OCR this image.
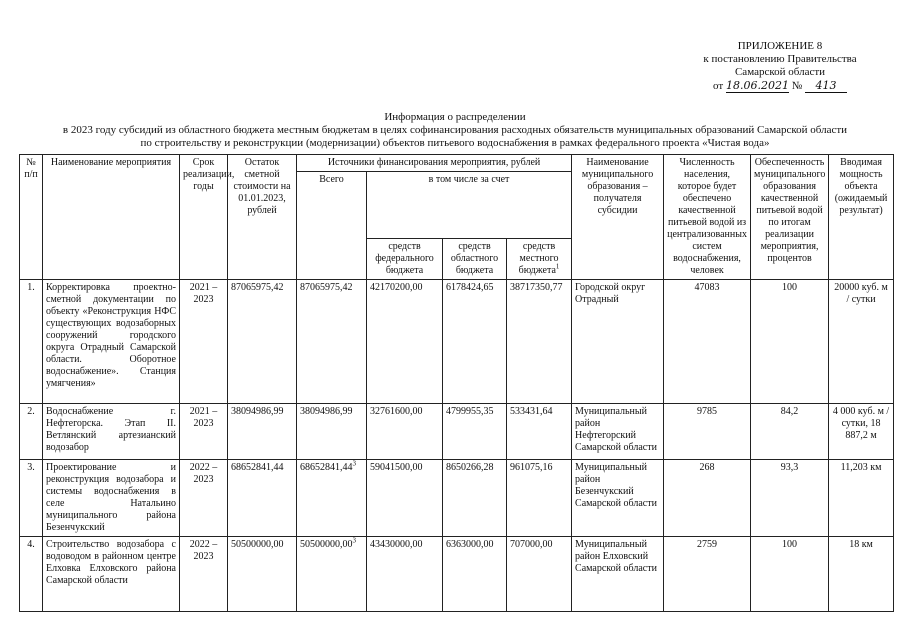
ПРИЛОЖЕНИЕ 8
к постановлению Правительства
Самарской области
от 18.06.2021 № 413
Информация о распределении
в 2023 году субсидий из областного бюджета местным бюджетам в целях софинансирования расходных обязательств муниципальных образований Самарской области
по строительству и реконструкции (модернизации) объектов питьевого водоснабжения в рамках федерального проекта «Чистая вода»
№ п/п	Наименование мероприятия	Срок реализации, годы	Остаток сметной стоимости на 01.01.2023, рублей	Источники финансирования мероприятия, рублей				Наименование муниципального образования – получателя субсидии	Численность населения, которое будет обеспечено качественной питьевой водой из централизованных систем водоснабжения, человек	Обеспеченность муниципального образования качественной питьевой водой по итогам реализации мероприятия, процентов	Вводимая мощность объекта (ожидаемый результат)
				Всего	в том числе за счет						
					средств федерального бюджета	средств областного бюджета	средств местного бюджета$^1$
1.	Корректировка проектно-сметной документации по объекту «Реконструкция НФС существующих водозаборных сооружений городского округа Отрадный Самарской области. Оборотное водоснабжение». Станция умягчения»	2021 – 2023	87065975,42	87065975,42	42170200,00	6178424,65	38717350,77	Городской округ Отрадный	47083	100	20000 куб. м / сутки
2.	Водоснабжение г. Нефтегорска. Этап II. Ветлянский артезианский водозабор	2021 – 2023	38094986,99	38094986,99	32761600,00	4799955,35	533431,64	Муниципальный район Нефтегорский Самарской области	9785	84,2	4 000 куб. м / сутки, 18 887,2 м
3.	Проектирование и реконструкция водозабора и системы водоснабжения в селе Натальино муниципального района Безенчукский	2022 – 2023	68652841,44	68652841,44$^3$	59041500,00	8650266,28	961075,16	Муниципальный район Безенчукский Самарской области	268	93,3	11,203 км
4.	Строительство водозабора с водоводом в районном центре Елховка Елховского района Самарской области	2022 – 2023	50500000,00	50500000,00$^3$	43430000,00	6363000,00	707000,00	Муниципальный район Елховский Самарской области	2759	100	18 км
